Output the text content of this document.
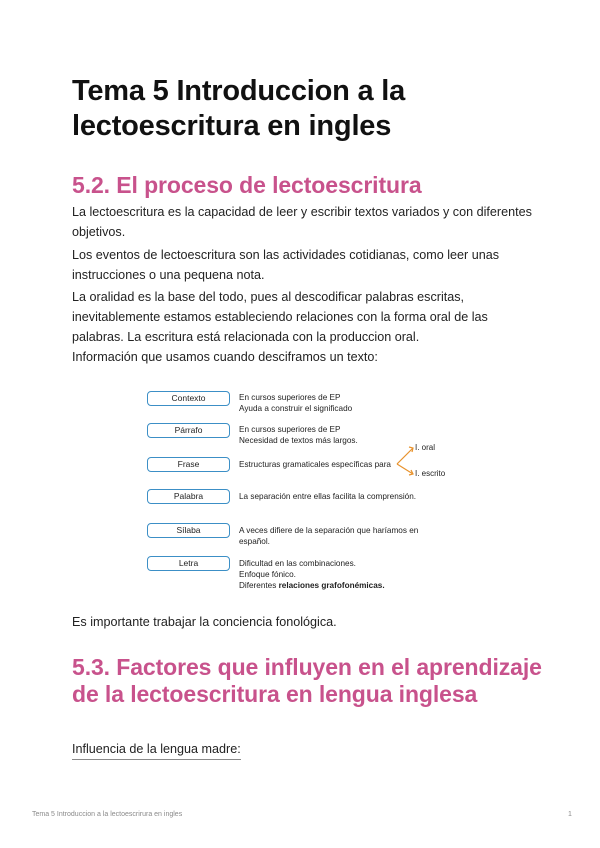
Tema 5 Introduccion a la lectoescritura en ingles
5.2. El proceso de lectoescritura

La lectoescritura es la capacidad de leer y escribir textos variados y con diferentes objetivos.

Los eventos de lectoescritura son las actividades cotidianas, como leer unas instrucciones o una pequena nota.

La oralidad es la base del todo, pues al descodificar palabras escritas, inevitablemente estamos estableciendo relaciones con la forma oral de las palabras. La escritura está relacionada con la produccion oral.

Información que usamos cuando desciframos un texto:

Contexto	En cursos superiores de EP
Ayuda a construir el significado
Párrafo	En cursos superiores de EP
Necesidad de textos más largos.
Frase	Estructuras gramaticales específicas para
I. oral
I. escrito
Palabra	La separación entre ellas facilita la comprensión.
Sílaba	A veces difiere de la separación que haríamos en
español.
Letra	Dificultad en las combinaciones.
Enfoque fónico.
Diferentes relaciones grafofonémicas.

Es importante trabajar la conciencia fonológica.

5.3. Factores que influyen en el aprendizaje de la lectoescritura en lengua inglesa
Influencia de la lengua madre:
Tema 5 Introduccion a la lectoescrirura en ingles	1
